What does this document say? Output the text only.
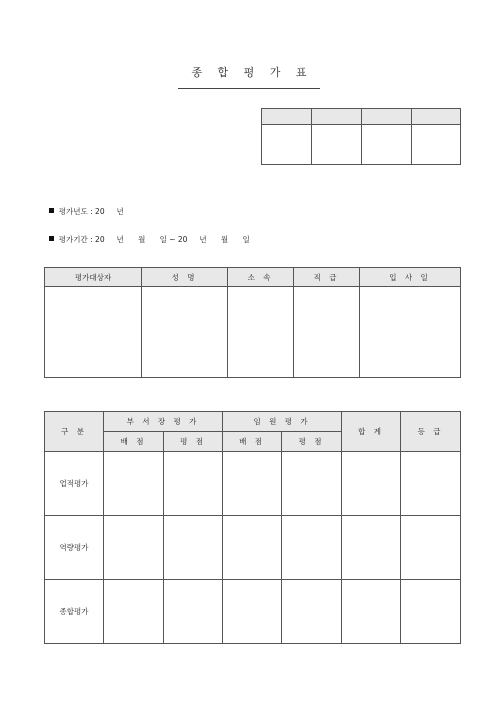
종 합 평 가 표

평가년도 : 20     년

평가기간 : 20     년      월      일 ~ 20     년      월      일

평가대상자	성 명	소 속	직 급	입 사 일

구 분	부 서 장 평 가		임 원 평 가		합 계	등 급
	배 점	평 점	배 점	평 점		
업적평가						
역량평가						
종합평가						
